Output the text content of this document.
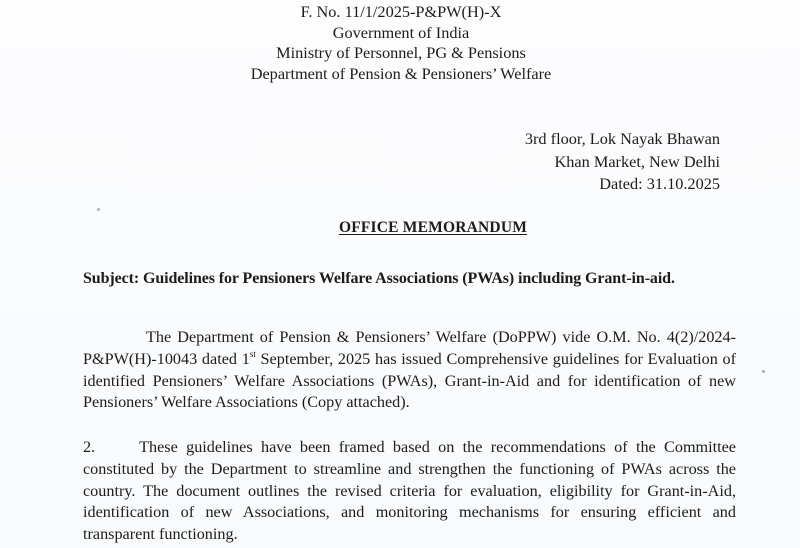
F. No. 11/1/2025-P&PW(H)-X
Government of India
Ministry of Personnel, PG & Pensions
Department of Pension & Pensioners’ Welfare
3rd floor, Lok Nayak Bhawan
Khan Market, New Delhi
Dated: 31.10.2025
OFFICE MEMORANDUM
Subject: Guidelines for Pensioners Welfare Associations (PWAs) including Grant-in-aid.
The Department of Pension & Pensioners’ Welfare (DoPPW) vide O.M. No. 4(2)/2024-P&PW(H)-10043 dated 1st September, 2025 has issued Comprehensive guidelines for Evaluation of identified Pensioners’ Welfare Associations (PWAs), Grant-in-Aid and for identification of new Pensioners’ Welfare Associations (Copy attached).
2.	These guidelines have been framed based on the recommendations of the Committee constituted by the Department to streamline and strengthen the functioning of PWAs across the country. The document outlines the revised criteria for evaluation, eligibility for Grant-in-Aid, identification of new Associations, and monitoring mechanisms for ensuring efficient and transparent functioning.
